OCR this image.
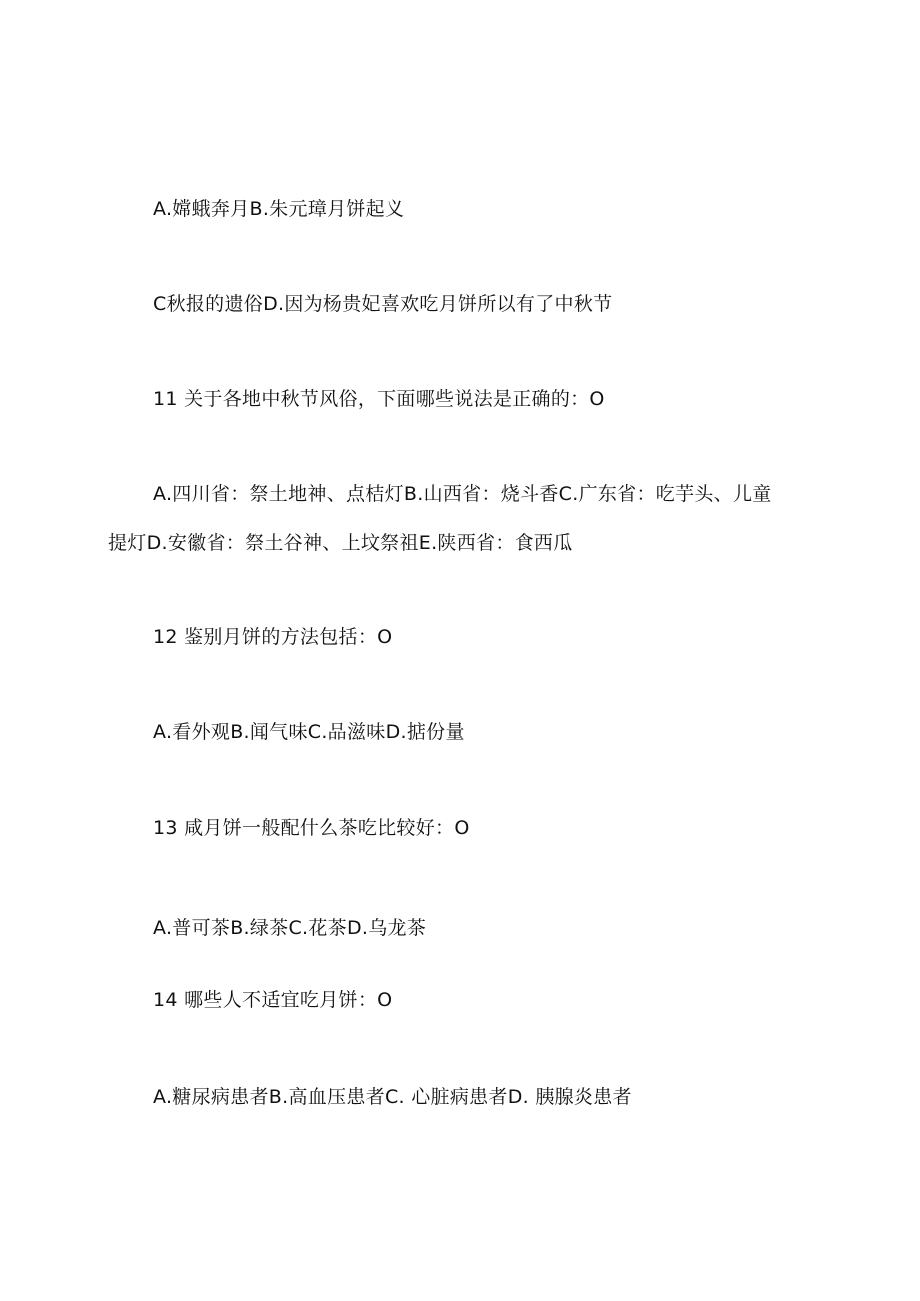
A.嫦蛾奔月B.朱元璋月饼起义
C秋报的遗俗D.因为杨贵妃喜欢吃月饼所以有了中秋节
11 关于各地中秋节风俗，下面哪些说法是正确的：O
A.四川省：祭土地神、点桔灯B.山西省：烧斗香C.广东省：吃芋头、儿童
提灯D.安徽省：祭土谷神、上坟祭祖E.陕西省：食西瓜
12 鉴别月饼的方法包括：O
A.看外观B.闻气味C.品滋味D.掂份量
13 咸月饼一般配什么茶吃比较好：O
A.普可茶B.绿茶C.花茶D.乌龙茶
14 哪些人不适宜吃月饼：O
A.糖尿病患者B.高血压患者C. 心脏病患者D. 胰腺炎患者
